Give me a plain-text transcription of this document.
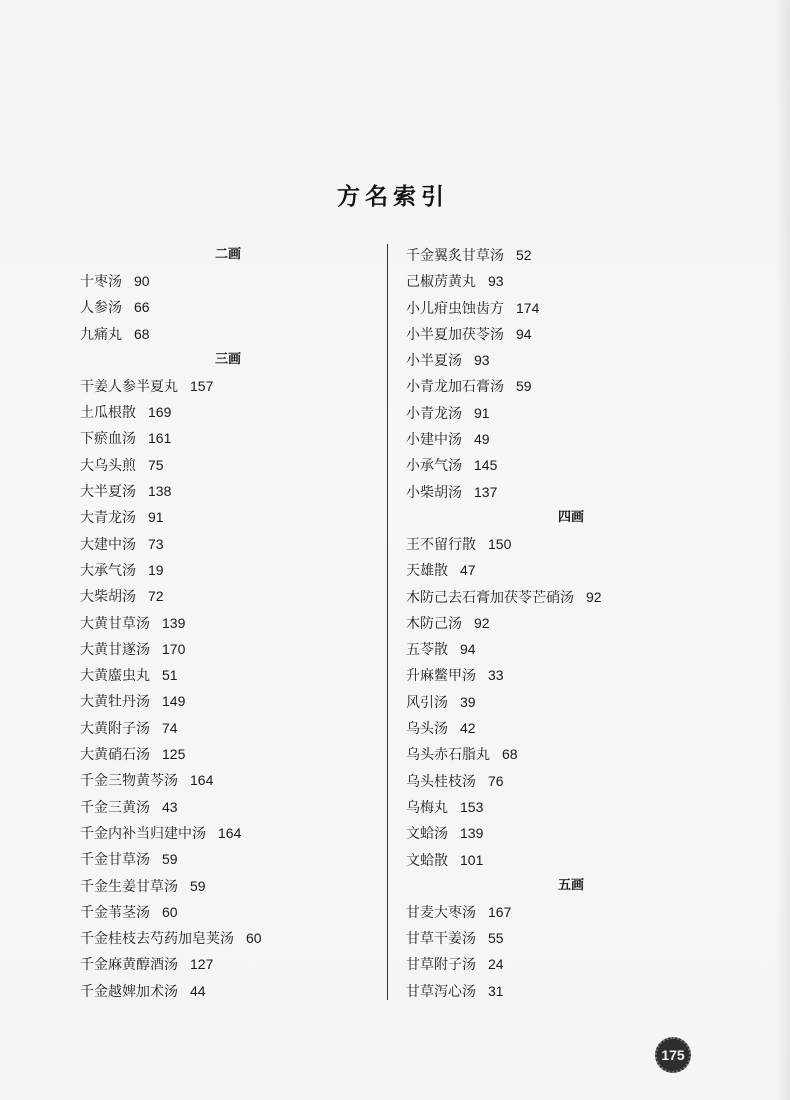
方名索引
二画
十枣汤 90
人参汤 66
九痛丸 68
三画
干姜人参半夏丸 157
土瓜根散 169
下瘀血汤 161
大乌头煎 75
大半夏汤 138
大青龙汤 91
大建中汤 73
大承气汤 19
大柴胡汤 72
大黄甘草汤 139
大黄甘遂汤 170
大黄䗪虫丸 51
大黄牡丹汤 149
大黄附子汤 74
大黄硝石汤 125
千金三物黄芩汤 164
千金三黄汤 43
千金内补当归建中汤 164
千金甘草汤 59
千金生姜甘草汤 59
千金苇茎汤 60
千金桂枝去芍药加皂荚汤 60
千金麻黄醇酒汤 127
千金越婢加术汤 44
千金翼炙甘草汤 52
己椒苈黄丸 93
小儿疳虫蚀齿方 174
小半夏加茯苓汤 94
小半夏汤 93
小青龙加石膏汤 59
小青龙汤 91
小建中汤 49
小承气汤 145
小柴胡汤 137
四画
王不留行散 150
天雄散 47
木防己去石膏加茯苓芒硝汤 92
木防己汤 92
五苓散 94
升麻鳖甲汤 33
风引汤 39
乌头汤 42
乌头赤石脂丸 68
乌头桂枝汤 76
乌梅丸 153
文蛤汤 139
文蛤散 101
五画
甘麦大枣汤 167
甘草干姜汤 55
甘草附子汤 24
甘草泻心汤 31
175
